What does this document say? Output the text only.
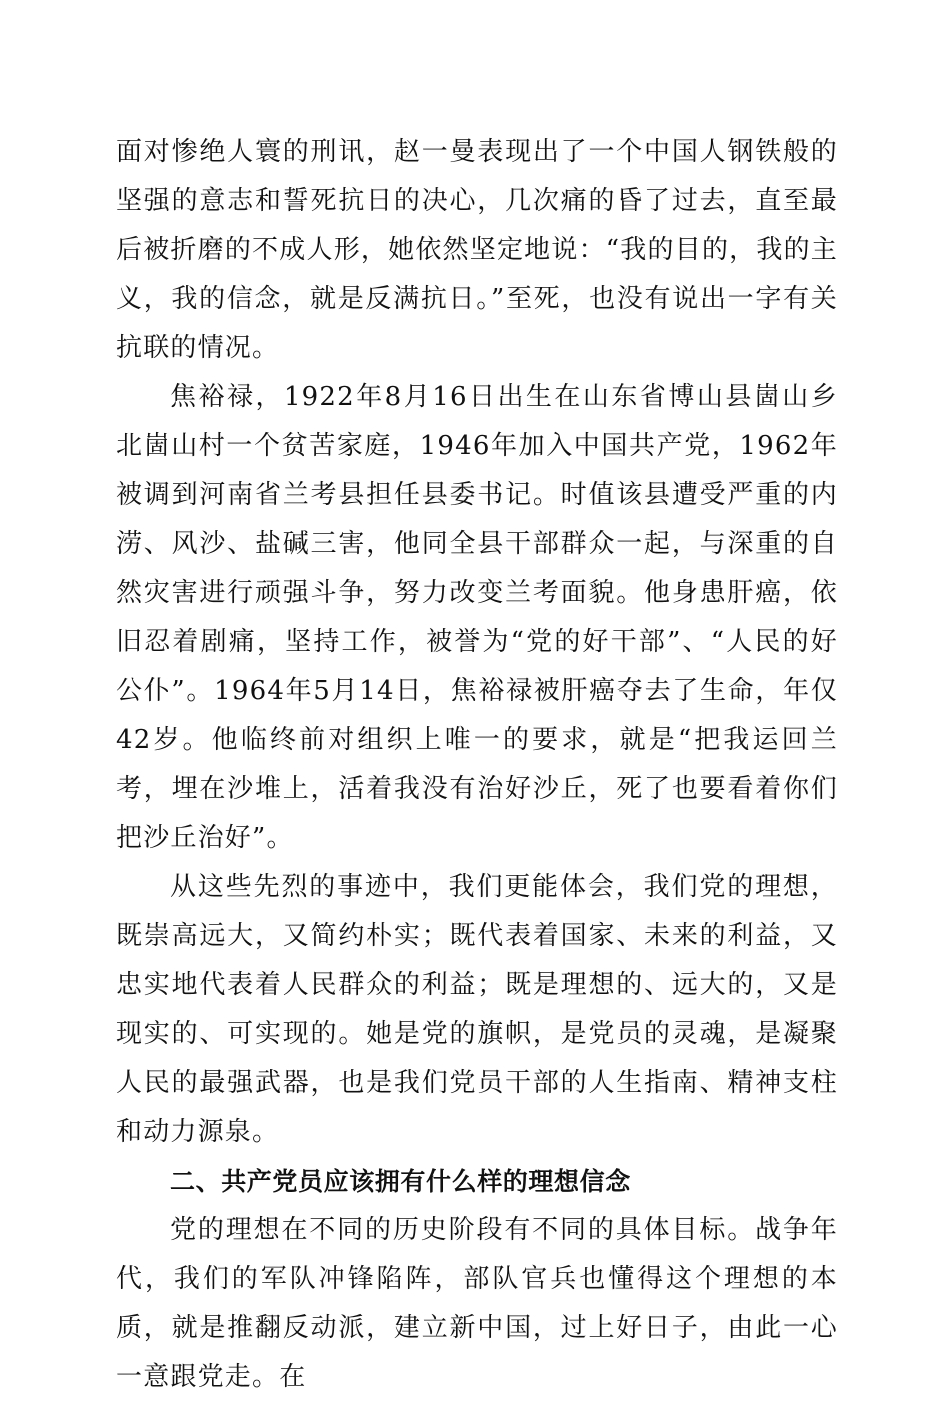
面对惨绝人寰的刑讯，赵一曼表现出了一个中国人钢铁般的坚强的意志和誓死抗日的决心，几次痛的昏了过去，直至最后被折磨的不成人形，她依然坚定地说：“我的目的，我的主义，我的信念，就是反满抗日。”至死，也没有说出一字有关抗联的情况。

焦裕禄，1922年8月16日出生在山东省博山县崮山乡北崮山村一个贫苦家庭，1946年加入中国共产党，1962年被调到河南省兰考县担任县委书记。时值该县遭受严重的内涝、风沙、盐碱三害，他同全县干部群众一起，与深重的自然灾害进行顽强斗争，努力改变兰考面貌。他身患肝癌，依旧忍着剧痛，坚持工作，被誉为“党的好干部”、“人民的好公仆”。1964年5月14日，焦裕禄被肝癌夺去了生命，年仅42岁。他临终前对组织上唯一的要求，就是“把我运回兰考，埋在沙堆上，活着我没有治好沙丘，死了也要看着你们把沙丘治好”。

从这些先烈的事迹中，我们更能体会，我们党的理想，既崇高远大，又简约朴实；既代表着国家、未来的利益，又忠实地代表着人民群众的利益；既是理想的、远大的，又是现实的、可实现的。她是党的旗帜，是党员的灵魂，是凝聚人民的最强武器，也是我们党员干部的人生指南、精神支柱和动力源泉。

二、共产党员应该拥有什么样的理想信念

党的理想在不同的历史阶段有不同的具体目标。战争年代，我们的军队冲锋陷阵，部队官兵也懂得这个理想的本质，就是推翻反动派，建立新中国，过上好日子，由此一心一意跟党走。在
